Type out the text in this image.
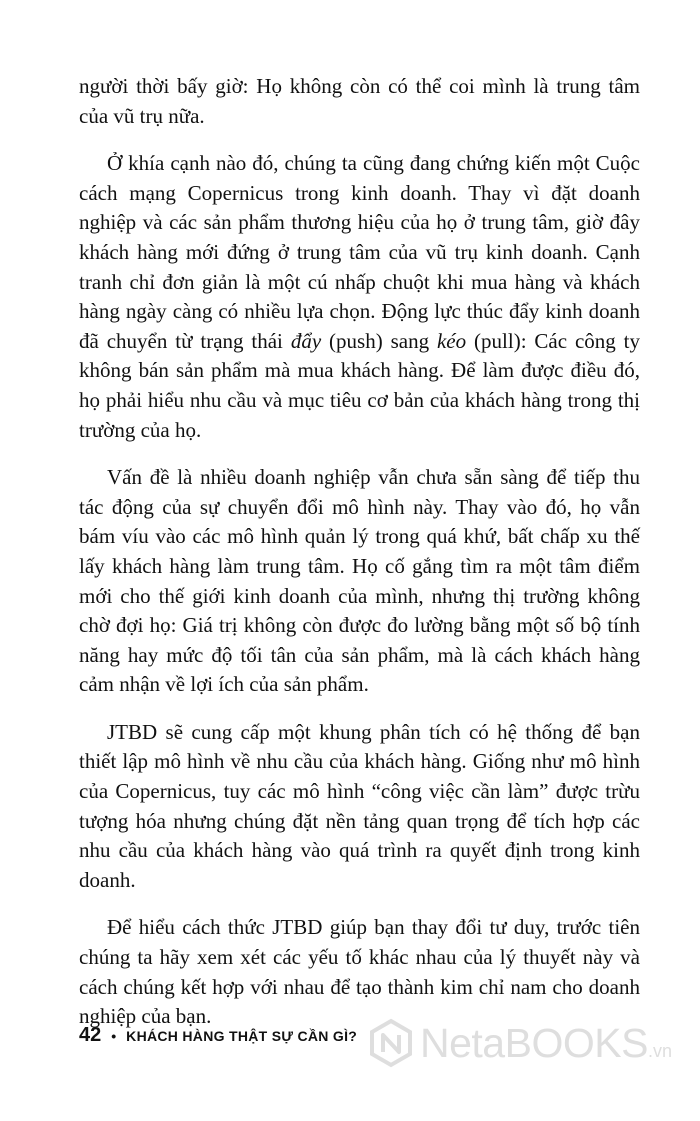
người thời bấy giờ: Họ không còn có thể coi mình là trung tâm của vũ trụ nữa.

Ở khía cạnh nào đó, chúng ta cũng đang chứng kiến một Cuộc cách mạng Copernicus trong kinh doanh. Thay vì đặt doanh nghiệp và các sản phẩm thương hiệu của họ ở trung tâm, giờ đây khách hàng mới đứng ở trung tâm của vũ trụ kinh doanh. Cạnh tranh chỉ đơn giản là một cú nhấp chuột khi mua hàng và khách hàng ngày càng có nhiều lựa chọn. Động lực thúc đẩy kinh doanh đã chuyển từ trạng thái đẩy (push) sang kéo (pull): Các công ty không bán sản phẩm mà mua khách hàng. Để làm được điều đó, họ phải hiểu nhu cầu và mục tiêu cơ bản của khách hàng trong thị trường của họ.

Vấn đề là nhiều doanh nghiệp vẫn chưa sẵn sàng để tiếp thu tác động của sự chuyển đổi mô hình này. Thay vào đó, họ vẫn bám víu vào các mô hình quản lý trong quá khứ, bất chấp xu thế lấy khách hàng làm trung tâm. Họ cố gắng tìm ra một tâm điểm mới cho thế giới kinh doanh của mình, nhưng thị trường không chờ đợi họ: Giá trị không còn được đo lường bằng một số bộ tính năng hay mức độ tối tân của sản phẩm, mà là cách khách hàng cảm nhận về lợi ích của sản phẩm.

JTBD sẽ cung cấp một khung phân tích có hệ thống để bạn thiết lập mô hình về nhu cầu của khách hàng. Giống như mô hình của Copernicus, tuy các mô hình “công việc cần làm” được trừu tượng hóa nhưng chúng đặt nền tảng quan trọng để tích hợp các nhu cầu của khách hàng vào quá trình ra quyết định trong kinh doanh.

Để hiểu cách thức JTBD giúp bạn thay đổi tư duy, trước tiên chúng ta hãy xem xét các yếu tố khác nhau của lý thuyết này và cách chúng kết hợp với nhau để tạo thành kim chỉ nam cho doanh nghiệp của bạn.

42 • KHÁCH HÀNG THẬT SỰ CẦN GÌ? NetaBOOKS.vn
